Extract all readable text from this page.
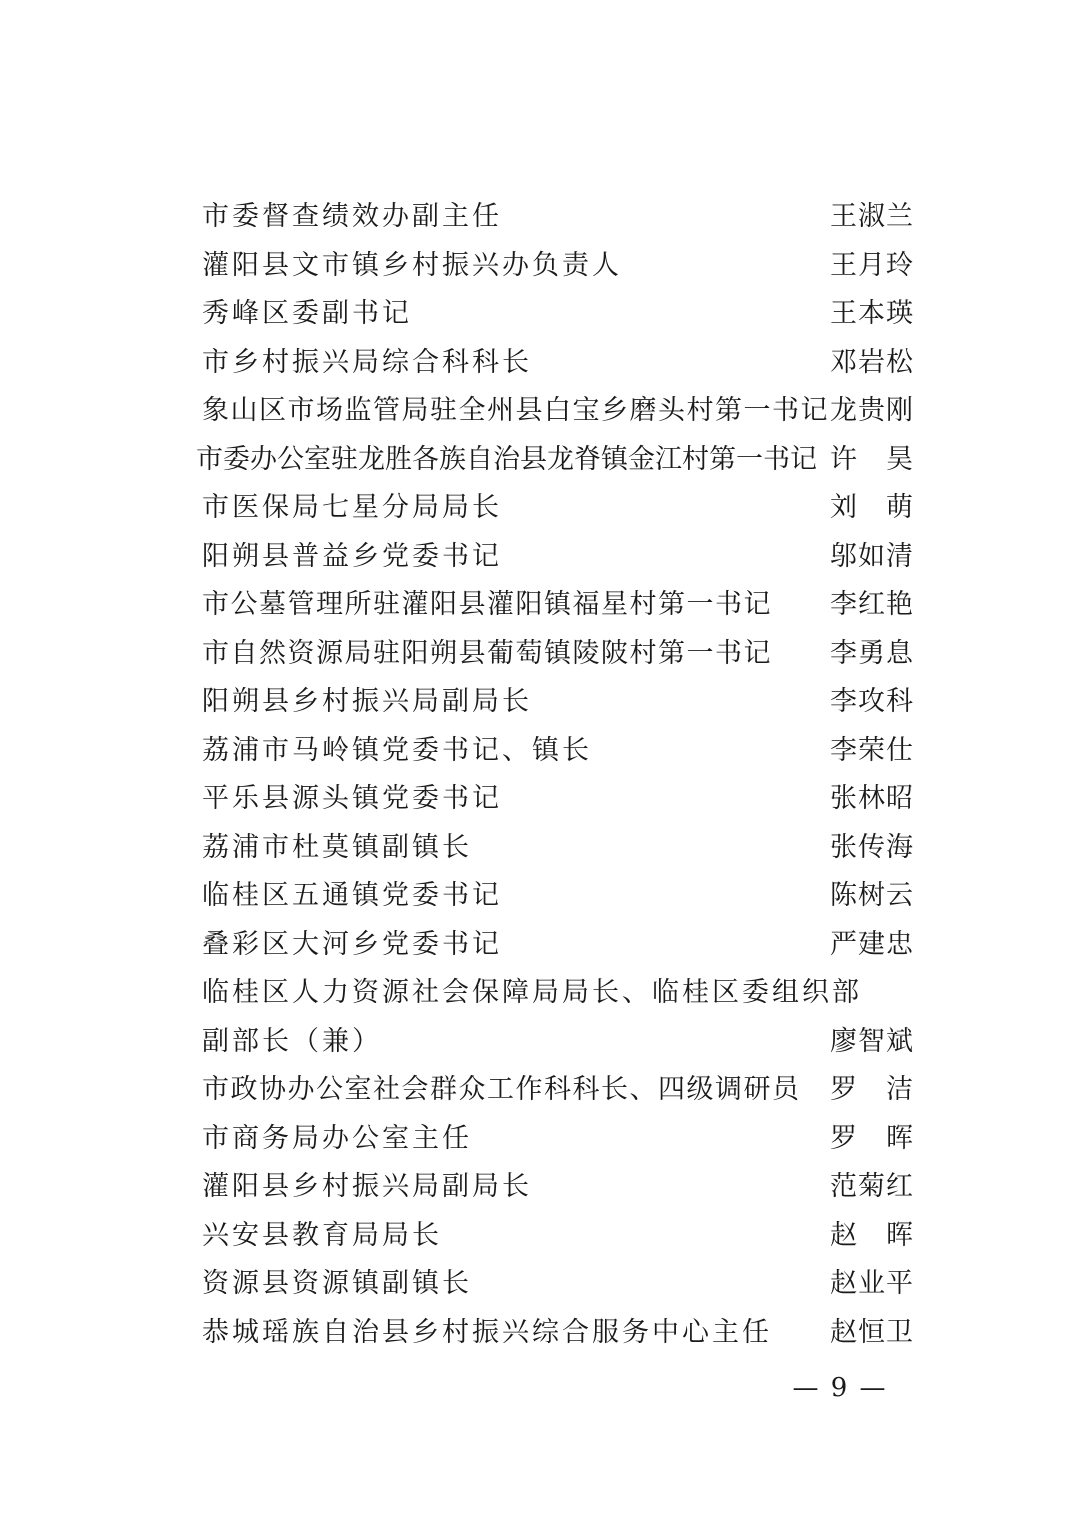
市委督查绩效办副主任	王淑兰
灌阳县文市镇乡村振兴办负责人	王月玲
秀峰区委副书记	王本瑛
市乡村振兴局综合科科长	邓岩松
象山区市场监管局驻全州县白宝乡磨头村第一书记 龙贵刚
市委办公室驻龙胜各族自治县龙脊镇金江村第一书记 许　昊
市医保局七星分局局长	刘　萌
阳朔县普益乡党委书记	邬如清
市公墓管理所驻灌阳县灌阳镇福星村第一书记 李红艳
市自然资源局驻阳朔县葡萄镇陵陂村第一书记 李勇息
阳朔县乡村振兴局副局长	李攻科
荔浦市马岭镇党委书记、镇长	李荣仕
平乐县源头镇党委书记	张林昭
荔浦市杜莫镇副镇长	张传海
临桂区五通镇党委书记	陈树云
叠彩区大河乡党委书记	严建忠
临桂区人力资源社会保障局局长、临桂区委组织部
副部长（兼）	廖智斌
市政协办公室社会群众工作科科长、四级调研员 罗　洁
市商务局办公室主任	罗　晖
灌阳县乡村振兴局副局长	范菊红
兴安县教育局局长	赵　晖
资源县资源镇副镇长	赵业平
恭城瑶族自治县乡村振兴综合服务中心主任 赵恒卫
— 9 —
